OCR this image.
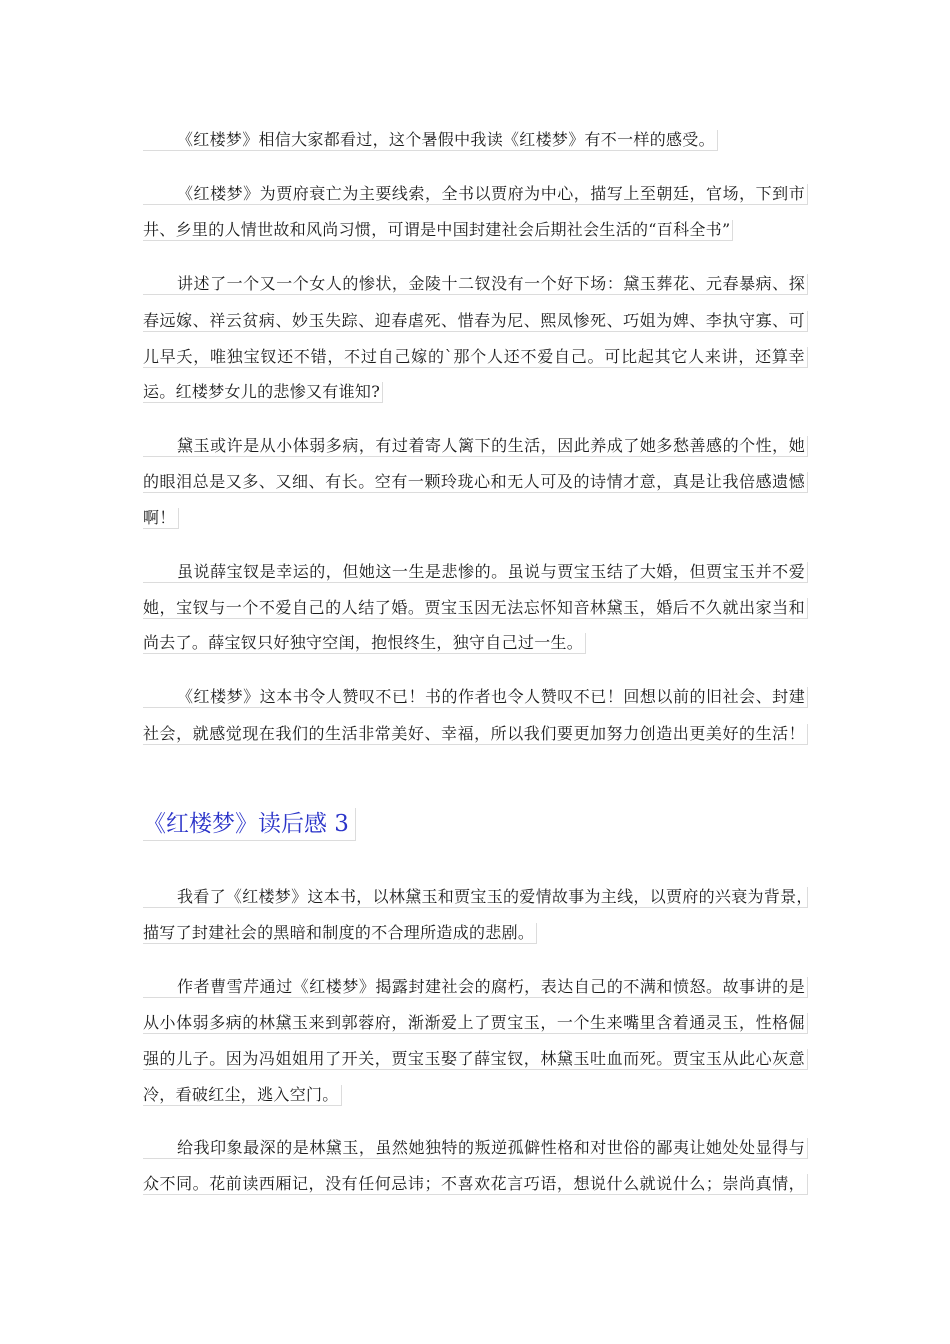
《红楼梦》相信大家都看过，这个暑假中我读《红楼梦》有不一样的感受。
《红楼梦》为贾府衰亡为主要线索，全书以贾府为中心，描写上至朝廷，官场，下到市
井、乡里的人情世故和风尚习惯，可谓是中国封建社会后期社会生活的“百科全书”
讲述了一个又一个女人的惨状，金陵十二钗没有一个好下场：黛玉葬花、元春暴病、探
春远嫁、祥云贫病、妙玉失踪、迎春虐死、惜春为尼、熙凤惨死、巧姐为婢、李执守寡、可
儿早夭，唯独宝钗还不错，不过自己嫁的`那个人还不爱自己。可比起其它人来讲，还算幸
运。红楼梦女儿的悲惨又有谁知?
黛玉或许是从小体弱多病，有过着寄人篱下的生活，因此养成了她多愁善感的个性，她
的眼泪总是又多、又细、有长。空有一颗玲珑心和无人可及的诗情才意，真是让我倍感遗憾
啊！
虽说薛宝钗是幸运的，但她这一生是悲惨的。虽说与贾宝玉结了大婚，但贾宝玉并不爱
她，宝钗与一个不爱自己的人结了婚。贾宝玉因无法忘怀知音林黛玉，婚后不久就出家当和
尚去了。薛宝钗只好独守空闺，抱恨终生，独守自己过一生。
《红楼梦》这本书令人赞叹不已！书的作者也令人赞叹不已！回想以前的旧社会、封建
社会，就感觉现在我们的生活非常美好、幸福，所以我们要更加努力创造出更美好的生活！
《红楼梦》读后感 3
我看了《红楼梦》这本书，以林黛玉和贾宝玉的爱情故事为主线，以贾府的兴衰为背景，
描写了封建社会的黑暗和制度的不合理所造成的悲剧。
作者曹雪芹通过《红楼梦》揭露封建社会的腐朽，表达自己的不满和愤怒。故事讲的是
从小体弱多病的林黛玉来到郭蓉府，渐渐爱上了贾宝玉，一个生来嘴里含着通灵玉，性格倔
强的儿子。因为冯姐姐用了开关，贾宝玉娶了薛宝钗，林黛玉吐血而死。贾宝玉从此心灰意
冷，看破红尘，逃入空门。
给我印象最深的是林黛玉，虽然她独特的叛逆孤僻性格和对世俗的鄙夷让她处处显得与
众不同。花前读西厢记，没有任何忌讳；不喜欢花言巧语，想说什么就说什么；崇尚真情，
